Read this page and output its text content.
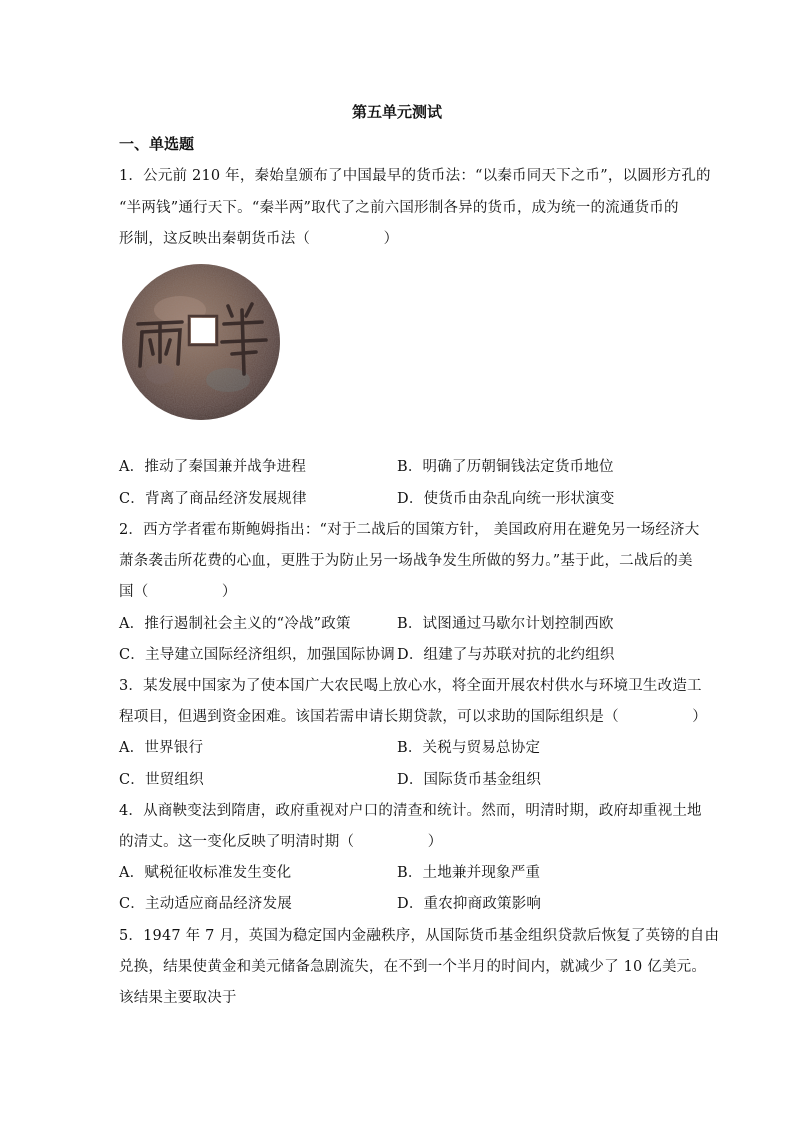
第五单元测试
一、单选题
1．公元前 210 年，秦始皇颁布了中国最早的货币法：“以秦币同天下之币”，以圆形方孔的
“半两钱”通行天下。“秦半两”取代了之前六国形制各异的货币，成为统一的流通货币的
形制，这反映出秦朝货币法（　　　　　）
A．推动了秦国兼并战争进程	B．明确了历朝铜钱法定货币地位
C．背离了商品经济发展规律	D．使货币由杂乱向统一形状演变
2．西方学者霍布斯鲍姆指出：“对于二战后的国策方针， 美国政府用在避免另一场经济大
萧条袭击所花费的心血，更胜于为防止另一场战争发生所做的努力。”基于此，二战后的美
国（　　　　　）
A．推行遏制社会主义的“冷战”政策	B．试图通过马歇尔计划控制西欧
C．主导建立国际经济组织，加强国际协调 D．组建了与苏联对抗的北约组织
3．某发展中国家为了使本国广大农民喝上放心水，将全面开展农村供水与环境卫生改造工
程项目，但遇到资金困难。该国若需申请长期贷款，可以求助的国际组织是（　　　　　）
A．世界银行	B．关税与贸易总协定
C．世贸组织	D．国际货币基金组织
4．从商鞅变法到隋唐，政府重视对户口的清查和统计。然而，明清时期，政府却重视土地
的清丈。这一变化反映了明清时期（　　　　　）
A．赋税征收标准发生变化	B．土地兼并现象严重
C．主动适应商品经济发展	D．重农抑商政策影响
5．1947 年 7 月，英国为稳定国内金融秩序，从国际货币基金组织贷款后恢复了英镑的自由
兑换，结果使黄金和美元储备急剧流失，在不到一个半月的时间内，就减少了 10 亿美元。
该结果主要取决于
